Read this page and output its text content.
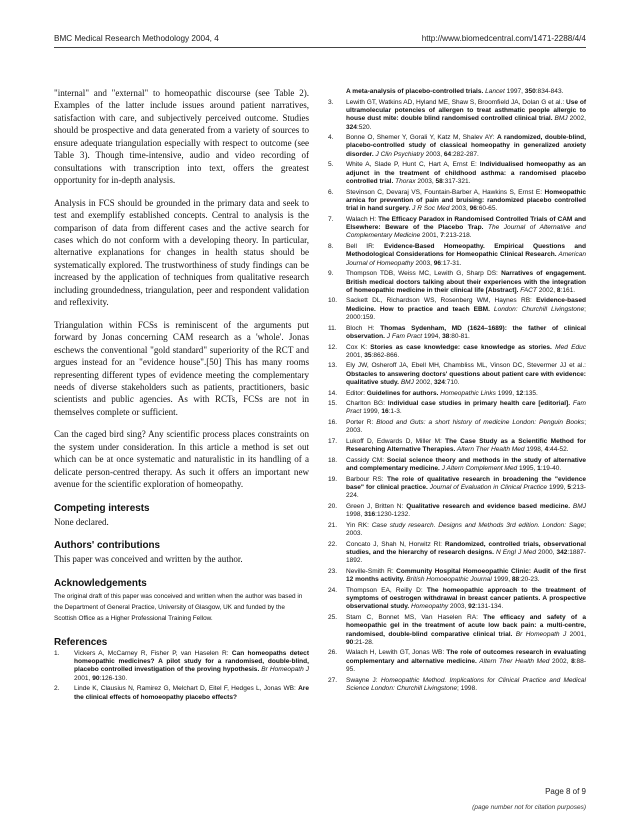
BMC Medical Research Methodology 2004, 4	http://www.biomedcentral.com/1471-2288/4/4

"internal" and "external" to homeopathic discourse (see Table 2). Examples of the latter include issues around patient narratives, satisfaction with care, and subjectively perceived outcome. Studies should be prospective and data generated from a variety of sources to ensure adequate triangulation especially with respect to outcome (see Table 3). Though time-intensive, audio and video recording of consultations with transcription into text, offers the greatest opportunity for in-depth analysis.

Analysis in FCS should be grounded in the primary data and seek to test and exemplify established concepts. Central to analysis is the comparison of data from different cases and the active search for cases which do not conform with a developing theory. In particular, alternative explanations for changes in health status should be systematically explored. The trustworthiness of study findings can be increased by the application of techniques from qualitative research including groundedness, triangulation, peer and respondent validation and reflexivity.

Triangulation within FCSs is reminiscent of the arguments put forward by Jonas concerning CAM research as a 'whole'. Jonas eschews the conventional "gold standard" superiority of the RCT and argues instead for an "evidence house".[50] This has many rooms representing different types of evidence meeting the complementary needs of diverse stakeholders such as patients, practitioners, basic scientists and public agencies. As with RCTs, FCSs are not in themselves complete or sufficient.

Can the caged bird sing? Any scientific process places constraints on the system under consideration. In this article a method is set out which can be at once systematic and naturalistic in its handling of a delicate person-centred therapy. As such it offers an important new avenue for the scientific exploration of homeopathy.

Competing interests

None declared.

Authors' contributions

This paper was conceived and written by the author.

Acknowledgements

The original draft of this paper was conceived and written when the author was based in the Department of General Practice, University of Glasgow, UK and funded by the Scottish Office as a Higher Professional Training Fellow.

References
1.	Vickers A, McCarney R, Fisher P, van Haselen R: Can homeopaths detect homeopathic medicines? A pilot study for a randomised, double-blind, placebo controlled investigation of the proving hypothesis. Br Homeopath J 2001, 90:126-130.
2.	Linde K, Clausius N, Ramirez G, Melchart D, Eitel F, Hedges L, Jonas WB: Are the clinical effects of homoeopathy placebo effects?
A meta-analysis of placebo-controlled trials. Lancet 1997, 350:834-843.
3.	Lewith GT, Watkins AD, Hyland ME, Shaw S, Broomfield JA, Dolan G et al.: Use of ultramolecular potencies of allergen to treat asthmatic people allergic to house dust mite: double blind randomised controlled clinical trial. BMJ 2002, 324:520.
4.	Bonne O, Shemer Y, Gorali Y, Katz M, Shalev AY: A randomized, double-blind, placebo-controlled study of classical homeopathy in generalized anxiety disorder. J Clin Psychiatry 2003, 64:282-287.
5.	White A, Slade P, Hunt C, Hart A, Ernst E: Individualised homeopathy as an adjunct in the treatment of childhood asthma: a randomised placebo controlled trial. Thorax 2003, 58:317-321.
6.	Stevinson C, Devaraj VS, Fountain-Barber A, Hawkins S, Ernst E: Homeopathic arnica for prevention of pain and bruising: randomized placebo controlled trial in hand surgery. J R Soc Med 2003, 96:60-65.
7.	Walach H: The Efficacy Paradox in Randomised Controlled Trials of CAM and Elsewhere: Beware of the Placebo Trap. The Journal of Alternative and Complementary Medicine 2001, 7:213-218.
8.	Bell IR: Evidence-Based Homeopathy. Empirical Questions and Methodological Considerations for Homeopathic Clinical Research. American Journal of Homeopathy 2003, 96:17-31.
9.	Thompson TDB, Weiss MC, Lewith G, Sharp DS: Narratives of engagement. British medical doctors talking about their experiences with the integration of homeopathic medicine in their clinical life [Abstract]. FACT 2002, 8:161.
10.	Sackett DL, Richardson WS, Rosenberg WM, Haynes RB: Evidence-based Medicine. How to practice and teach EBM. London: Churchill Livingstone; 2000:159.
11.	Bloch H: Thomas Sydenham, MD (1624–1689): the father of clinical observation. J Fam Pract 1994, 38:80-81.
12.	Cox K: Stories as case knowledge: case knowledge as stories. Med Educ 2001, 35:862-866.
13.	Ely JW, Osheroff JA, Ebell MH, Chambliss ML, Vinson DC, Stevermer JJ et al.: Obstacles to answering doctors' questions about patient care with evidence: qualitative study. BMJ 2002, 324:710.
14.	Editor: Guidelines for authors. Homeopathic Links 1999, 12:135.
15.	Charlton BG: Individual case studies in primary health care [editorial]. Fam Pract 1999, 16:1-3.
16.	Porter R: Blood and Guts: a short history of medicine London: Penguin Books; 2003.
17.	Lukoff D, Edwards D, Miller M: The Case Study as a Scientific Method for Researching Alternative Therapies. Altern Ther Health Med 1998, 4:44-52.
18.	Cassidy CM: Social science theory and methods in the study of alternative and complementary medicine. J Altern Complement Med 1995, 1:19-40.
19.	Barbour RS: The role of qualitative research in broadening the "evidence base" for clinical practice. Journal of Evaluation in Clinical Practice 1999, 5:213-224.
20.	Green J, Britten N: Qualitative research and evidence based medicine. BMJ 1998, 316:1230-1232.
21.	Yin RK: Case study research. Designs and Methods 3rd edition. London: Sage; 2003.
22.	Concato J, Shah N, Horwitz RI: Randomized, controlled trials, observational studies, and the hierarchy of research designs. N Engl J Med 2000, 342:1887-1892.
23.	Neville-Smith R: Community Hospital Homoeopathic Clinic: Audit of the first 12 months activity. British Homoeopathic Journal 1999, 88:20-23.
24.	Thompson EA, Reilly D: The homeopathic approach to the treatment of symptoms of oestrogen withdrawal in breast cancer patients. A prospective observational study. Homeopathy 2003, 92:131-134.
25.	Stam C, Bonnet MS, Van Haselen RA: The efficacy and safety of a homeopathic gel in the treatment of acute low back pain: a multi-centre, randomised, double-blind comparative clinical trial. Br Homeopath J 2001, 90:21-28.
26.	Walach H, Lewith GT, Jonas WB: The role of outcomes research in evaluating complementary and alternative medicine. Altern Ther Health Med 2002, 8:88-95.
27.	Swayne J: Homeopathic Method. Implications for Clinical Practice and Medical Science London: Churchill Livingstone; 1998.
Page 8 of 9
(page number not for citation purposes)
